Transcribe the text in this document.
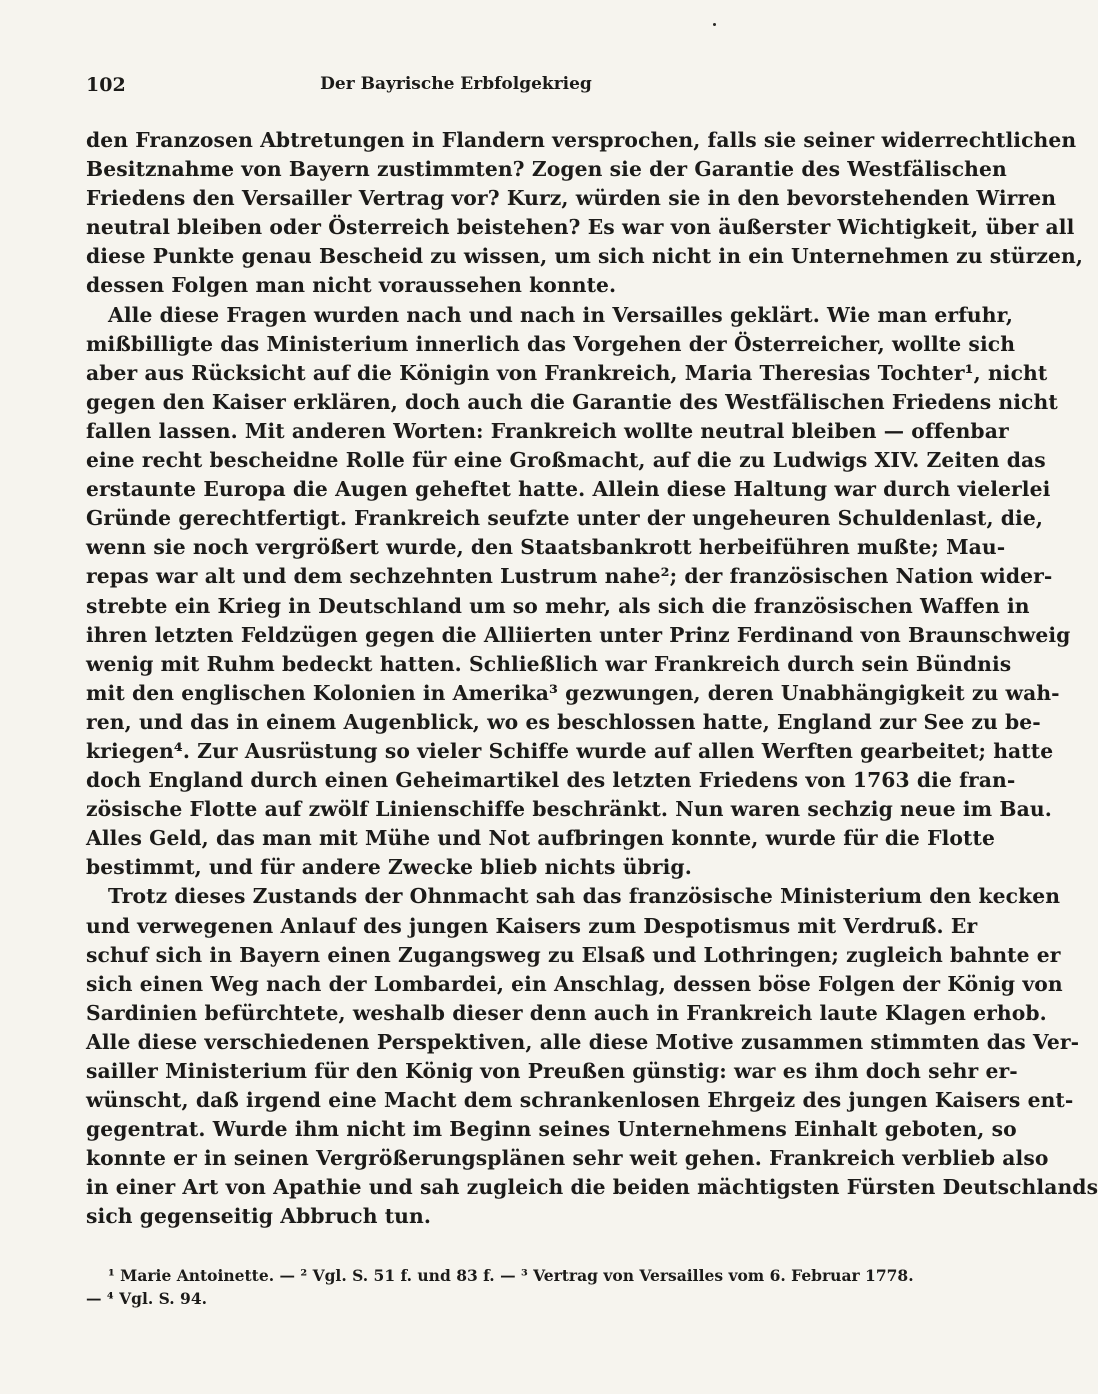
102	Der Bayrische Erbfolgekrieg
den Franzosen Abtretungen in Flandern versprochen, falls sie seiner widerrechtlichen
Besitznahme von Bayern zustimmten? Zogen sie der Garantie des Westfälischen
Friedens den Versailler Vertrag vor? Kurz, würden sie in den bevorstehenden Wirren
neutral bleiben oder Österreich beistehen? Es war von äußerster Wichtigkeit, über all
diese Punkte genau Bescheid zu wissen, um sich nicht in ein Unternehmen zu stürzen,
dessen Folgen man nicht voraussehen konnte.
Alle diese Fragen wurden nach und nach in Versailles geklärt. Wie man erfuhr,
mißbilligte das Ministerium innerlich das Vorgehen der Österreicher, wollte sich
aber aus Rücksicht auf die Königin von Frankreich, Maria Theresias Tochter¹, nicht
gegen den Kaiser erklären, doch auch die Garantie des Westfälischen Friedens nicht
fallen lassen. Mit anderen Worten: Frankreich wollte neutral bleiben — offenbar
eine recht bescheidne Rolle für eine Großmacht, auf die zu Ludwigs XIV. Zeiten das
erstaunte Europa die Augen geheftet hatte. Allein diese Haltung war durch vielerlei
Gründe gerechtfertigt. Frankreich seufzte unter der ungeheuren Schuldenlast, die,
wenn sie noch vergrößert wurde, den Staatsbankrott herbeiführen mußte; Mau-
repas war alt und dem sechzehnten Lustrum nahe²; der französischen Nation wider-
strebte ein Krieg in Deutschland um so mehr, als sich die französischen Waffen in
ihren letzten Feldzügen gegen die Alliierten unter Prinz Ferdinand von Braunschweig
wenig mit Ruhm bedeckt hatten. Schließlich war Frankreich durch sein Bündnis
mit den englischen Kolonien in Amerika³ gezwungen, deren Unabhängigkeit zu wah-
ren, und das in einem Augenblick, wo es beschlossen hatte, England zur See zu be-
kriegen⁴. Zur Ausrüstung so vieler Schiffe wurde auf allen Werften gearbeitet; hatte
doch England durch einen Geheimartikel des letzten Friedens von 1763 die fran-
zösische Flotte auf zwölf Linienschiffe beschränkt. Nun waren sechzig neue im Bau.
Alles Geld, das man mit Mühe und Not aufbringen konnte, wurde für die Flotte
bestimmt, und für andere Zwecke blieb nichts übrig.
Trotz dieses Zustands der Ohnmacht sah das französische Ministerium den kecken
und verwegenen Anlauf des jungen Kaisers zum Despotismus mit Verdruß. Er
schuf sich in Bayern einen Zugangsweg zu Elsaß und Lothringen; zugleich bahnte er
sich einen Weg nach der Lombardei, ein Anschlag, dessen böse Folgen der König von
Sardinien befürchtete, weshalb dieser denn auch in Frankreich laute Klagen erhob.
Alle diese verschiedenen Perspektiven, alle diese Motive zusammen stimmten das Ver-
sailler Ministerium für den König von Preußen günstig: war es ihm doch sehr er-
wünscht, daß irgend eine Macht dem schrankenlosen Ehrgeiz des jungen Kaisers ent-
gegentrat. Wurde ihm nicht im Beginn seines Unternehmens Einhalt geboten, so
konnte er in seinen Vergrößerungsplänen sehr weit gehen. Frankreich verblieb also
in einer Art von Apathie und sah zugleich die beiden mächtigsten Fürsten Deutschlands
sich gegenseitig Abbruch tun.
¹ Marie Antoinette. — ² Vgl. S. 51 f. und 83 f. — ³ Vertrag von Versailles vom 6. Februar 1778.
— ⁴ Vgl. S. 94.
